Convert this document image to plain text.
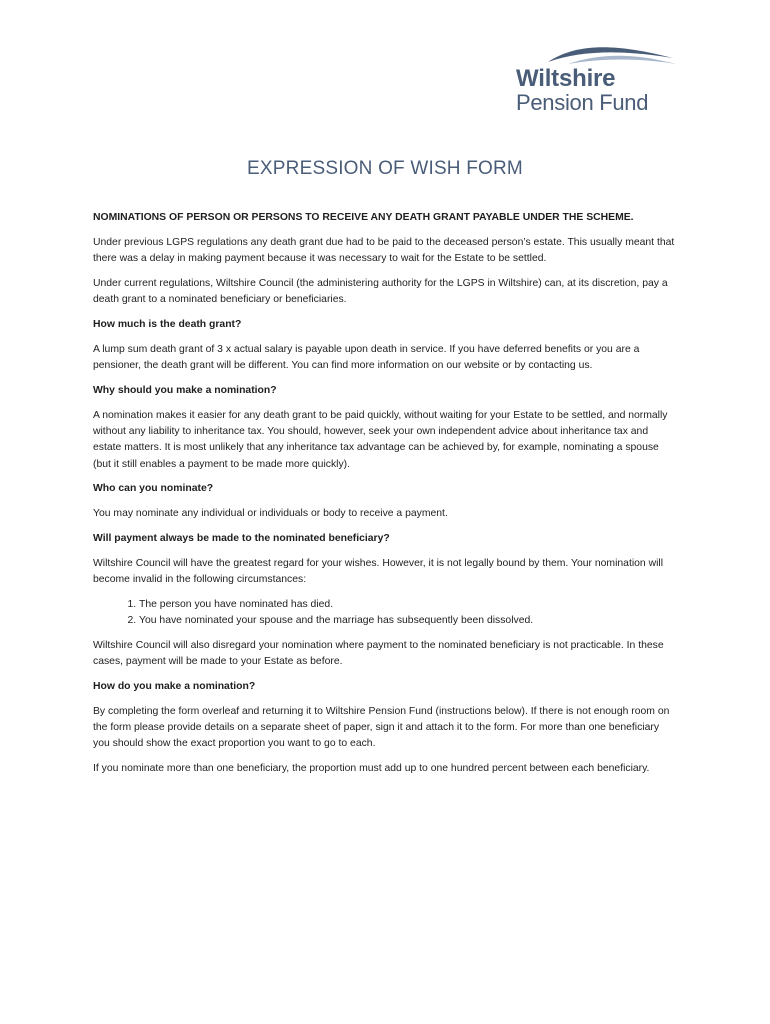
Wiltshire
Pension Fund
EXPRESSION OF WISH FORM
NOMINATIONS OF PERSON OR PERSONS TO RECEIVE ANY DEATH GRANT PAYABLE UNDER THE SCHEME.

Under previous LGPS regulations any death grant due had to be paid to the deceased person’s estate. This usually meant that there was a delay in making payment because it was necessary to wait for the Estate to be settled.

Under current regulations, Wiltshire Council (the administering authority for the LGPS in Wiltshire) can, at its discretion, pay a death grant to a nominated beneficiary or beneficiaries.

How much is the death grant?

A lump sum death grant of 3 x actual salary is payable upon death in service. If you have deferred benefits or you are a pensioner, the death grant will be different. You can find more information on our website or by contacting us.

Why should you make a nomination?

A nomination makes it easier for any death grant to be paid quickly, without waiting for your Estate to be settled, and normally without any liability to inheritance tax. You should, however, seek your own independent advice about inheritance tax and estate matters. It is most unlikely that any inheritance tax advantage can be achieved by, for example, nominating a spouse (but it still enables a payment to be made more quickly).

Who can you nominate?

You may nominate any individual or individuals or body to receive a payment.

Will payment always be made to the nominated beneficiary?

Wiltshire Council will have the greatest regard for your wishes. However, it is not legally bound by them. Your nomination will become invalid in the following circumstances:

1. The person you have nominated has died.
2. You have nominated your spouse and the marriage has subsequently been dissolved.

Wiltshire Council will also disregard your nomination where payment to the nominated beneficiary is not practicable. In these cases, payment will be made to your Estate as before.

How do you make a nomination?

By completing the form overleaf and returning it to Wiltshire Pension Fund (instructions below). If there is not enough room on the form please provide details on a separate sheet of paper, sign it and attach it to the form. For more than one beneficiary you should show the exact proportion you want to go to each.

If you nominate more than one beneficiary, the proportion must add up to one hundred percent between each beneficiary.
